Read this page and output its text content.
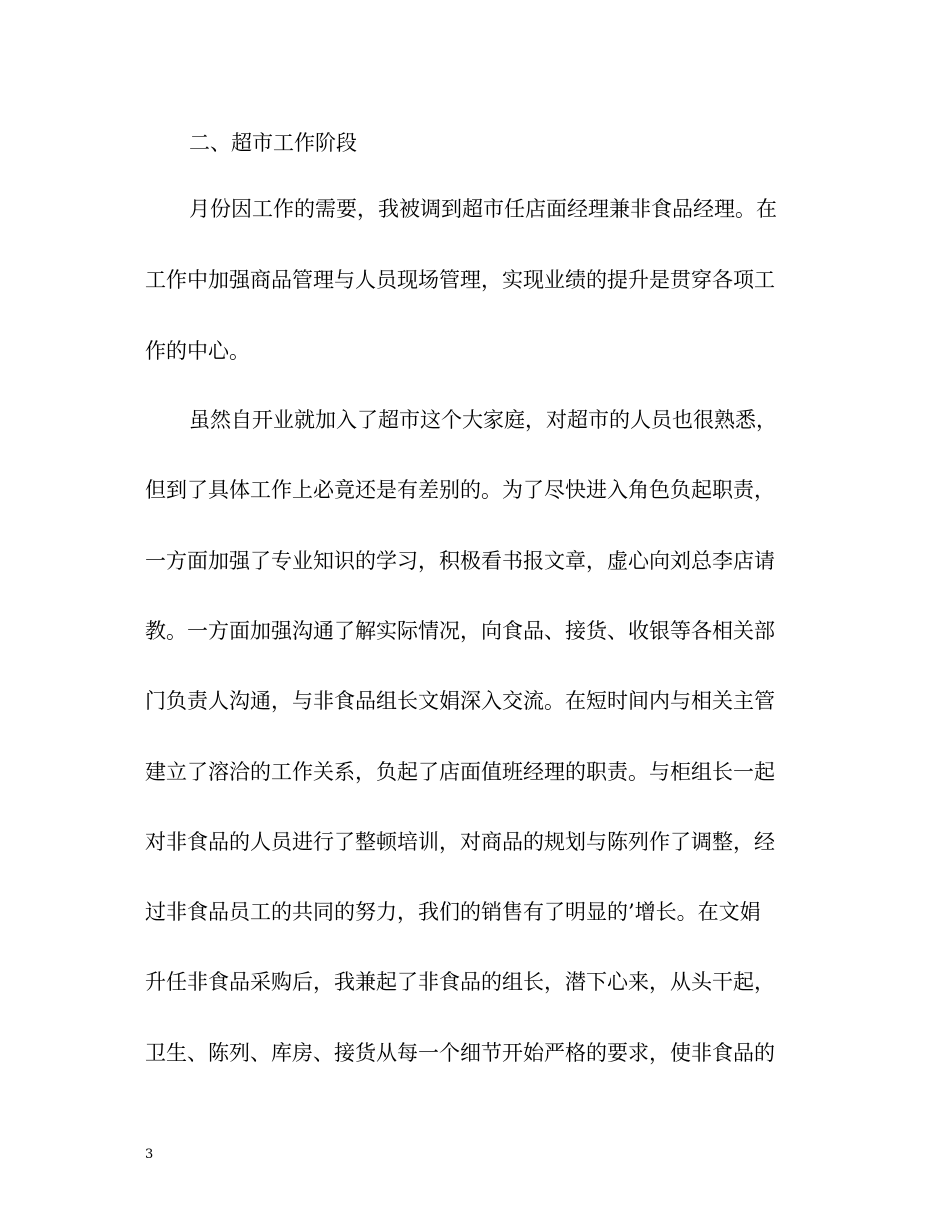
二、超市工作阶段
月份因工作的需要，我被调到超市任店面经理兼非食品经理。在
工作中加强商品管理与人员现场管理，实现业绩的提升是贯穿各项工
作的中心。
虽然自开业就加入了超市这个大家庭，对超市的人员也很熟悉，
但到了具体工作上必竟还是有差别的。为了尽快进入角色负起职责，
一方面加强了专业知识的学习，积极看书报文章，虚心向刘总李店请
教。一方面加强沟通了解实际情况，向食品、接货、收银等各相关部
门负责人沟通，与非食品组长文娟深入交流。在短时间内与相关主管
建立了溶洽的工作关系，负起了店面值班经理的职责。与柜组长一起
对非食品的人员进行了整顿培训，对商品的规划与陈列作了调整，经
过非食品员工的共同的努力，我们的销售有了明显的’增长。在文娟
升任非食品采购后，我兼起了非食品的组长，潜下心来，从头干起，
卫生、陈列、库房、接货从每一个细节开始严格的要求，使非食品的
3
